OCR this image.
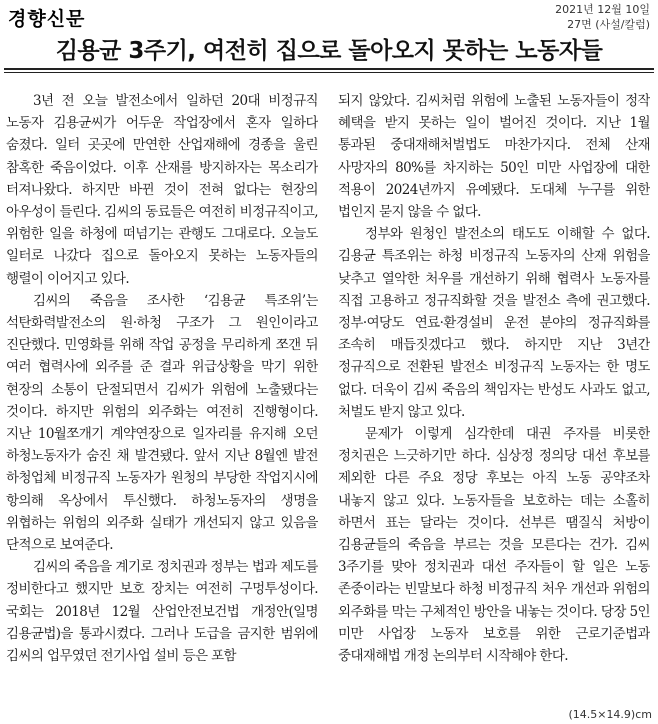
경향신문	2021년 12월 10일
27면 (사설/칼럼)
김용균 3주기, 여전히 집으로 돌아오지 못하는 노동자들

3년 전 오늘 발전소에서 일하던 20대 비정규직 노동자 김용균씨가 어두운 작업장에서 혼자 일하다 숨졌다. 일터 곳곳에 만연한 산업재해에 경종을 울린 참혹한 죽음이었다. 이후 산재를 방지하자는 목소리가 터져나왔다. 하지만 바뀐 것이 전혀 없다는 현장의 아우성이 들린다. 김씨의 동료들은 여전히 비정규직이고, 위험한 일을 하청에 떠넘기는 관행도 그대로다. 오늘도 일터로 나갔다 집으로 돌아오지 못하는 노동자들의 행렬이 이어지고 있다.

김씨의 죽음을 조사한 ‘김용균 특조위’는 석탄화력발전소의 원·하청 구조가 그 원인이라고 진단했다. 민영화를 위해 작업 공정을 무리하게 쪼갠 뒤 여러 협력사에 외주를 준 결과 위급상황을 막기 위한 현장의 소통이 단절되면서 김씨가 위험에 노출됐다는 것이다. 하지만 위험의 외주화는 여전히 진행형이다. 지난 10월쪼개기 계약연장으로 일자리를 유지해 오던 하청노동자가 숨진 채 발견됐다. 앞서 지난 8월엔 발전 하청업체 비정규직 노동자가 원청의 부당한 작업지시에 항의해 옥상에서 투신했다. 하청노동자의 생명을 위협하는 위험의 외주화 실태가 개선되지 않고 있음을 단적으로 보여준다.

김씨의 죽음을 계기로 정치권과 정부는 법과 제도를 정비한다고 했지만 보호 장치는 여전히 구멍투성이다. 국회는 2018년 12월 산업안전보건법 개정안(일명 김용균법)을 통과시켰다. 그러나 도급을 금지한 범위에 김씨의 업무였던 전기사업 설비 등은 포함

되지 않았다. 김씨처럼 위험에 노출된 노동자들이 정작 혜택을 받지 못하는 일이 벌어진 것이다. 지난 1월 통과된 중대재해처벌법도 마찬가지다. 전체 산재 사망자의 80%를 차지하는 50인 미만 사업장에 대한 적용이 2024년까지 유예됐다. 도대체 누구를 위한 법인지 묻지 않을 수 없다.

정부와 원청인 발전소의 태도도 이해할 수 없다. 김용균 특조위는 하청 비정규직 노동자의 산재 위험을 낮추고 열악한 처우를 개선하기 위해 협력사 노동자를 직접 고용하고 정규직화할 것을 발전소 측에 권고했다. 정부·여당도 연료·환경설비 운전 분야의 정규직화를 조속히 매듭짓겠다고 했다. 하지만 지난 3년간 정규직으로 전환된 발전소 비정규직 노동자는 한 명도 없다. 더욱이 김씨 죽음의 책임자는 반성도 사과도 없고, 처벌도 받지 않고 있다.

문제가 이렇게 심각한데 대권 주자를 비롯한 정치권은 느긋하기만 하다. 심상정 정의당 대선 후보를 제외한 다른 주요 정당 후보는 아직 노동 공약조차 내놓지 않고 있다. 노동자들을 보호하는 데는 소홀히 하면서 표는 달라는 것이다. 선부른 땜질식 처방이 김용균들의 죽음을 부르는 것을 모른다는 건가. 김씨 3주기를 맞아 정치권과 대선 주자들이 할 일은 노동 존중이라는 빈말보다 하청 비정규직 처우 개선과 위험의 외주화를 막는 구체적인 방안을 내놓는 것이다. 당장 5인 미만 사업장 노동자 보호를 위한 근로기준법과 중대재해법 개정 논의부터 시작해야 한다.

(14.5×14.9)cm
